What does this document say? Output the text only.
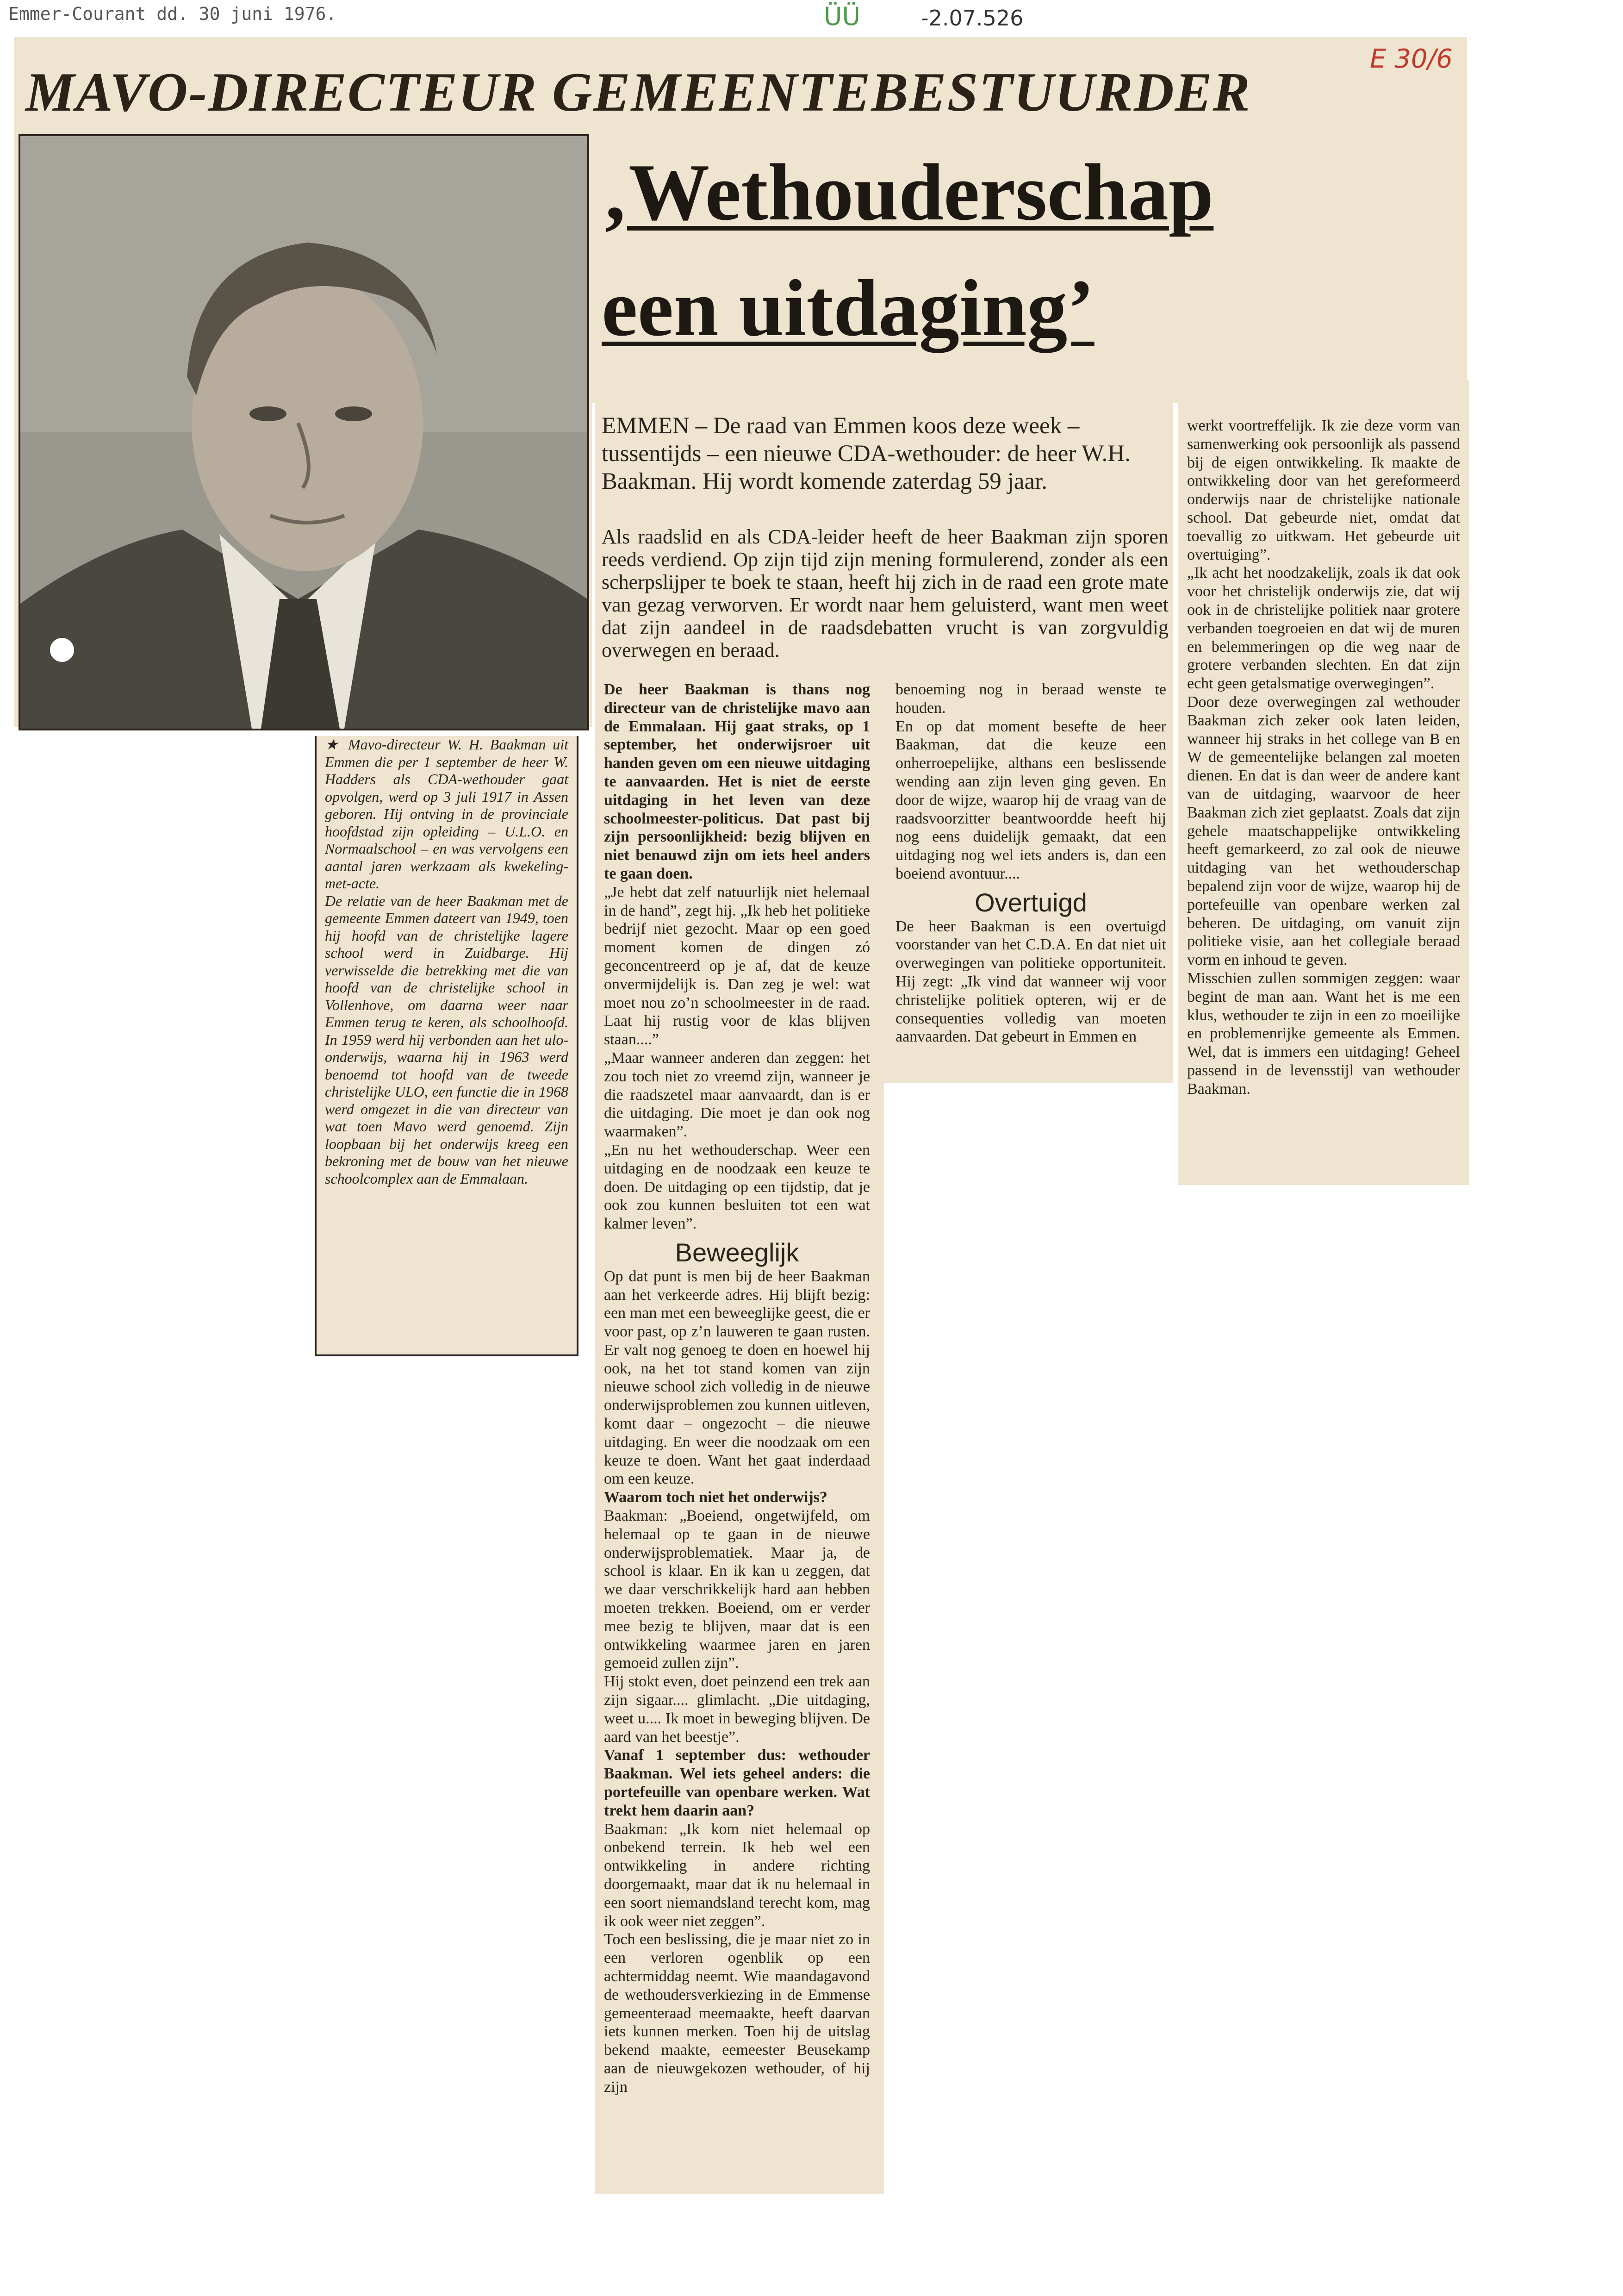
Emmer-Courant dd. 30 juni 1976.	ÜÜ	-2.07.526
MAVO-DIRECTEUR GEMEENTEBESTUURDER
E 30/6
‚Wethouderschap
een uitdaging’
EMMEN – De raad van Emmen koos deze week – tussentijds – een nieuwe CDA-wethouder: de heer W.H. Baakman. Hij wordt komende zaterdag 59 jaar.
Als raadslid en als CDA-leider heeft de heer Baakman zijn sporen reeds verdiend. Op zijn tijd zijn mening formulerend, zonder als een scherpslijper te boek te staan, heeft hij zich in de raad een grote mate van gezag verworven. Er wordt naar hem geluisterd, want men weet dat zijn aandeel in de raadsdebatten vrucht is van zorgvuldig overwegen en beraad.

★ Mavo-directeur W. H. Baakman uit Emmen die per 1 september de heer W. Hadders als CDA-wethouder gaat opvolgen, werd op 3 juli 1917 in Assen geboren. Hij ontving in de provinciale hoofdstad zijn opleiding – U.L.O. en Normaalschool – en was vervolgens een aantal jaren werkzaam als kwekeling-met-acte.

De relatie van de heer Baakman met de gemeente Emmen dateert van 1949, toen hij hoofd van de christelijke lagere school werd in Zuidbarge. Hij verwisselde die betrekking met die van hoofd van de christelijke school in Vollenhove, om daarna weer naar Emmen terug te keren, als schoolhoofd. In 1959 werd hij verbonden aan het ulo-onderwijs, waarna hij in 1963 werd benoemd tot hoofd van de tweede christelijke ULO, een functie die in 1968 werd omgezet in die van directeur van wat toen Mavo werd genoemd. Zijn loopbaan bij het onderwijs kreeg een bekroning met de bouw van het nieuwe schoolcomplex aan de Emmalaan.

De heer Baakman is thans nog directeur van de christelijke mavo aan de Emmalaan. Hij gaat straks, op 1 september, het onderwijsroer uit handen geven om een nieuwe uitdaging te aanvaarden. Het is niet de eerste uitdaging in het leven van deze schoolmeester-politicus. Dat past bij zijn persoonlijkheid: bezig blijven en niet benauwd zijn om iets heel anders te gaan doen.

„Je hebt dat zelf natuurlijk niet helemaal in de hand”, zegt hij. „Ik heb het politieke bedrijf niet gezocht. Maar op een goed moment komen de dingen zó geconcentreerd op je af, dat de keuze onvermijdelijk is. Dan zeg je wel: wat moet nou zo’n schoolmeester in de raad. Laat hij rustig voor de klas blijven staan....”

„Maar wanneer anderen dan zeggen: het zou toch niet zo vreemd zijn, wanneer je die raadszetel maar aanvaardt, dan is er die uitdaging. Die moet je dan ook nog waarmaken”.

„En nu het wethouderschap. Weer een uitdaging en de noodzaak een keuze te doen. De uitdaging op een tijdstip, dat je ook zou kunnen besluiten tot een wat kalmer leven”.

Beweeglijk

Op dat punt is men bij de heer Baakman aan het verkeerde adres. Hij blijft bezig: een man met een beweeglijke geest, die er voor past, op z’n lauweren te gaan rusten. Er valt nog genoeg te doen en hoewel hij ook, na het tot stand komen van zijn nieuwe school zich volledig in de nieuwe onderwijsproblemen zou kunnen uitleven, komt daar – ongezocht – die nieuwe uitdaging. En weer die noodzaak om een keuze te doen. Want het gaat inderdaad om een keuze.

Waarom toch niet het onderwijs?

Baakman: „Boeiend, ongetwijfeld, om helemaal op te gaan in de nieuwe onderwijsproblematiek. Maar ja, de school is klaar. En ik kan u zeggen, dat we daar verschrikkelijk hard aan hebben moeten trekken. Boeiend, om er verder mee bezig te blijven, maar dat is een ontwikkeling waarmee jaren en jaren gemoeid zullen zijn”.

Hij stokt even, doet peinzend een trek aan zijn sigaar.... glimlacht. „Die uitdaging, weet u.... Ik moet in beweging blijven. De aard van het beestje”.

Vanaf 1 september dus: wethouder Baakman. Wel iets geheel anders: die portefeuille van openbare werken. Wat trekt hem daarin aan?

Baakman: „Ik kom niet helemaal op onbekend terrein. Ik heb wel een ontwikkeling in andere richting doorgemaakt, maar dat ik nu helemaal in een soort niemandsland terecht kom, mag ik ook weer niet zeggen”.

Toch een beslissing, die je maar niet zo in een verloren ogenblik op een achtermiddag neemt. Wie maandagavond de wethoudersverkiezing in de Emmense gemeenteraad meemaakte, heeft daarvan iets kunnen merken. Toen hij de uitslag bekend maakte, eemeester Beusekamp aan de nieuwgekozen wethouder, of hij zijn

benoeming nog in beraad wenste te houden.

En op dat moment besefte de heer Baakman, dat die keuze een onherroepelijke, althans een beslissende wending aan zijn leven ging geven. En door de wijze, waarop hij de vraag van de raadsvoorzitter beantwoordde heeft hij nog eens duidelijk gemaakt, dat een uitdaging nog wel iets anders is, dan een boeiend avontuur....

Overtuigd

De heer Baakman is een overtuigd voorstander van het C.D.A. En dat niet uit overwegingen van politieke opportuniteit. Hij zegt: „Ik vind dat wanneer wij voor christelijke politiek opteren, wij er de consequenties volledig van moeten aanvaarden. Dat gebeurt in Emmen en

werkt voortreffelijk. Ik zie deze vorm van samenwerking ook persoonlijk als passend bij de eigen ontwikkeling. Ik maakte de ontwikkeling door van het gereformeerd onderwijs naar de christelijke nationale school. Dat gebeurde niet, omdat dat toevallig zo uitkwam. Het gebeurde uit overtuiging”.

„Ik acht het noodzakelijk, zoals ik dat ook voor het christelijk onderwijs zie, dat wij ook in de christelijke politiek naar grotere verbanden toegroeien en dat wij de muren en belemmeringen op die weg naar de grotere verbanden slechten. En dat zijn echt geen getalsmatige overwegingen”.

Door deze overwegingen zal wethouder Baakman zich zeker ook laten leiden, wanneer hij straks in het college van B en W de gemeentelijke belangen zal moeten dienen. En dat is dan weer de andere kant van de uitdaging, waarvoor de heer Baakman zich ziet geplaatst. Zoals dat zijn gehele maatschappelijke ontwikkeling heeft gemarkeerd, zo zal ook de nieuwe uitdaging van het wethouderschap bepalend zijn voor de wijze, waarop hij de portefeuille van openbare werken zal beheren. De uitdaging, om vanuit zijn politieke visie, aan het collegiale beraad vorm en inhoud te geven.

Misschien zullen sommigen zeggen: waar begint de man aan. Want het is me een klus, wethouder te zijn in een zo moeilijke en problemenrijke gemeente als Emmen. Wel, dat is immers een uitdaging! Geheel passend in de levensstijl van wethouder Baakman.
